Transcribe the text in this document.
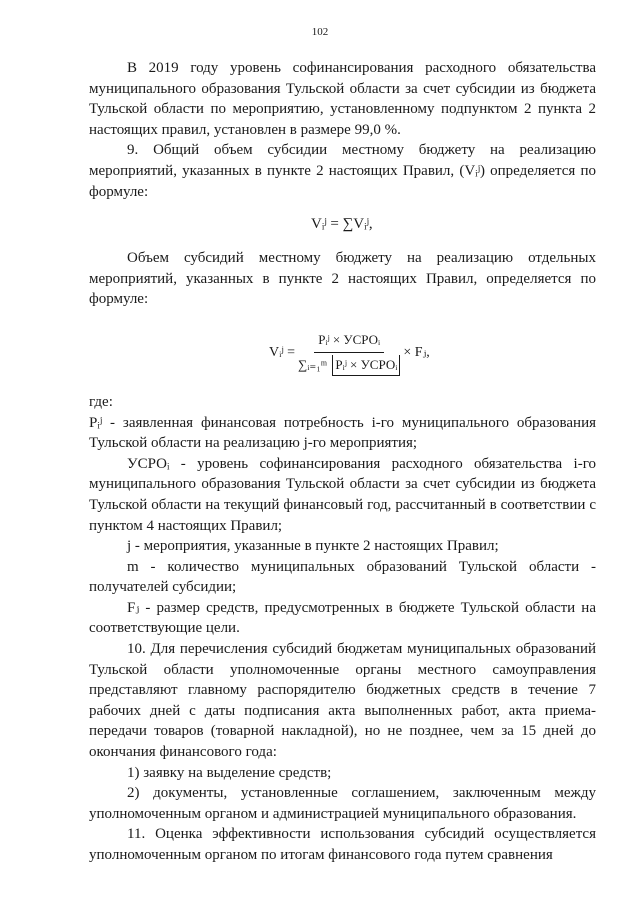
102

В 2019 году уровень софинансирования расходного обязательства муниципального образования Тульской области за счет субсидии из бюджета Тульской области по мероприятию, установленному подпунктом 2 пункта 2 настоящих правил, установлен в размере 99,0 %.

9. Общий объем субсидии местному бюджету на реализацию мероприятий, указанных в пункте 2 настоящих Правил, (Vᵢʲ) определяется по формуле:

Vᵢʲ = ∑Vᵢʲ,

Объем субсидий местному бюджету на реализацию отдельных мероприятий, указанных в пункте 2 настоящих Правил, определяется по формуле:

Vᵢʲ = $\frac{\text{Pᵢʲ × УСРОᵢ}}{\text{∑ᵢ₌₁ᵐ Pᵢʲ × УСРОᵢ}}$ × Fⱼ,

где:

Pᵢʲ - заявленная финансовая потребность i-го муниципального образования Тульской области на реализацию j-го мероприятия;

УСРОᵢ - уровень софинансирования расходного обязательства i-го муниципального образования Тульской области за счет субсидии из бюджета Тульской области на текущий финансовый год, рассчитанный в соответствии с пунктом 4 настоящих Правил;

j - мероприятия, указанные в пункте 2 настоящих Правил;

m - количество муниципальных образований Тульской области - получателей субсидии;

Fⱼ - размер средств, предусмотренных в бюджете Тульской области на соответствующие цели.

10. Для перечисления субсидий бюджетам муниципальных образований Тульской области уполномоченные органы местного самоуправления представляют главному распорядителю бюджетных средств в течение 7 рабочих дней с даты подписания акта выполненных работ, акта приема-передачи товаров (товарной накладной), но не позднее, чем за 15 дней до окончания финансового года:

1) заявку на выделение средств;

2) документы, установленные соглашением, заключенным между уполномоченным органом и администрацией муниципального образования.

11. Оценка эффективности использования субсидий осуществляется уполномоченным органом по итогам финансового года путем сравнения
